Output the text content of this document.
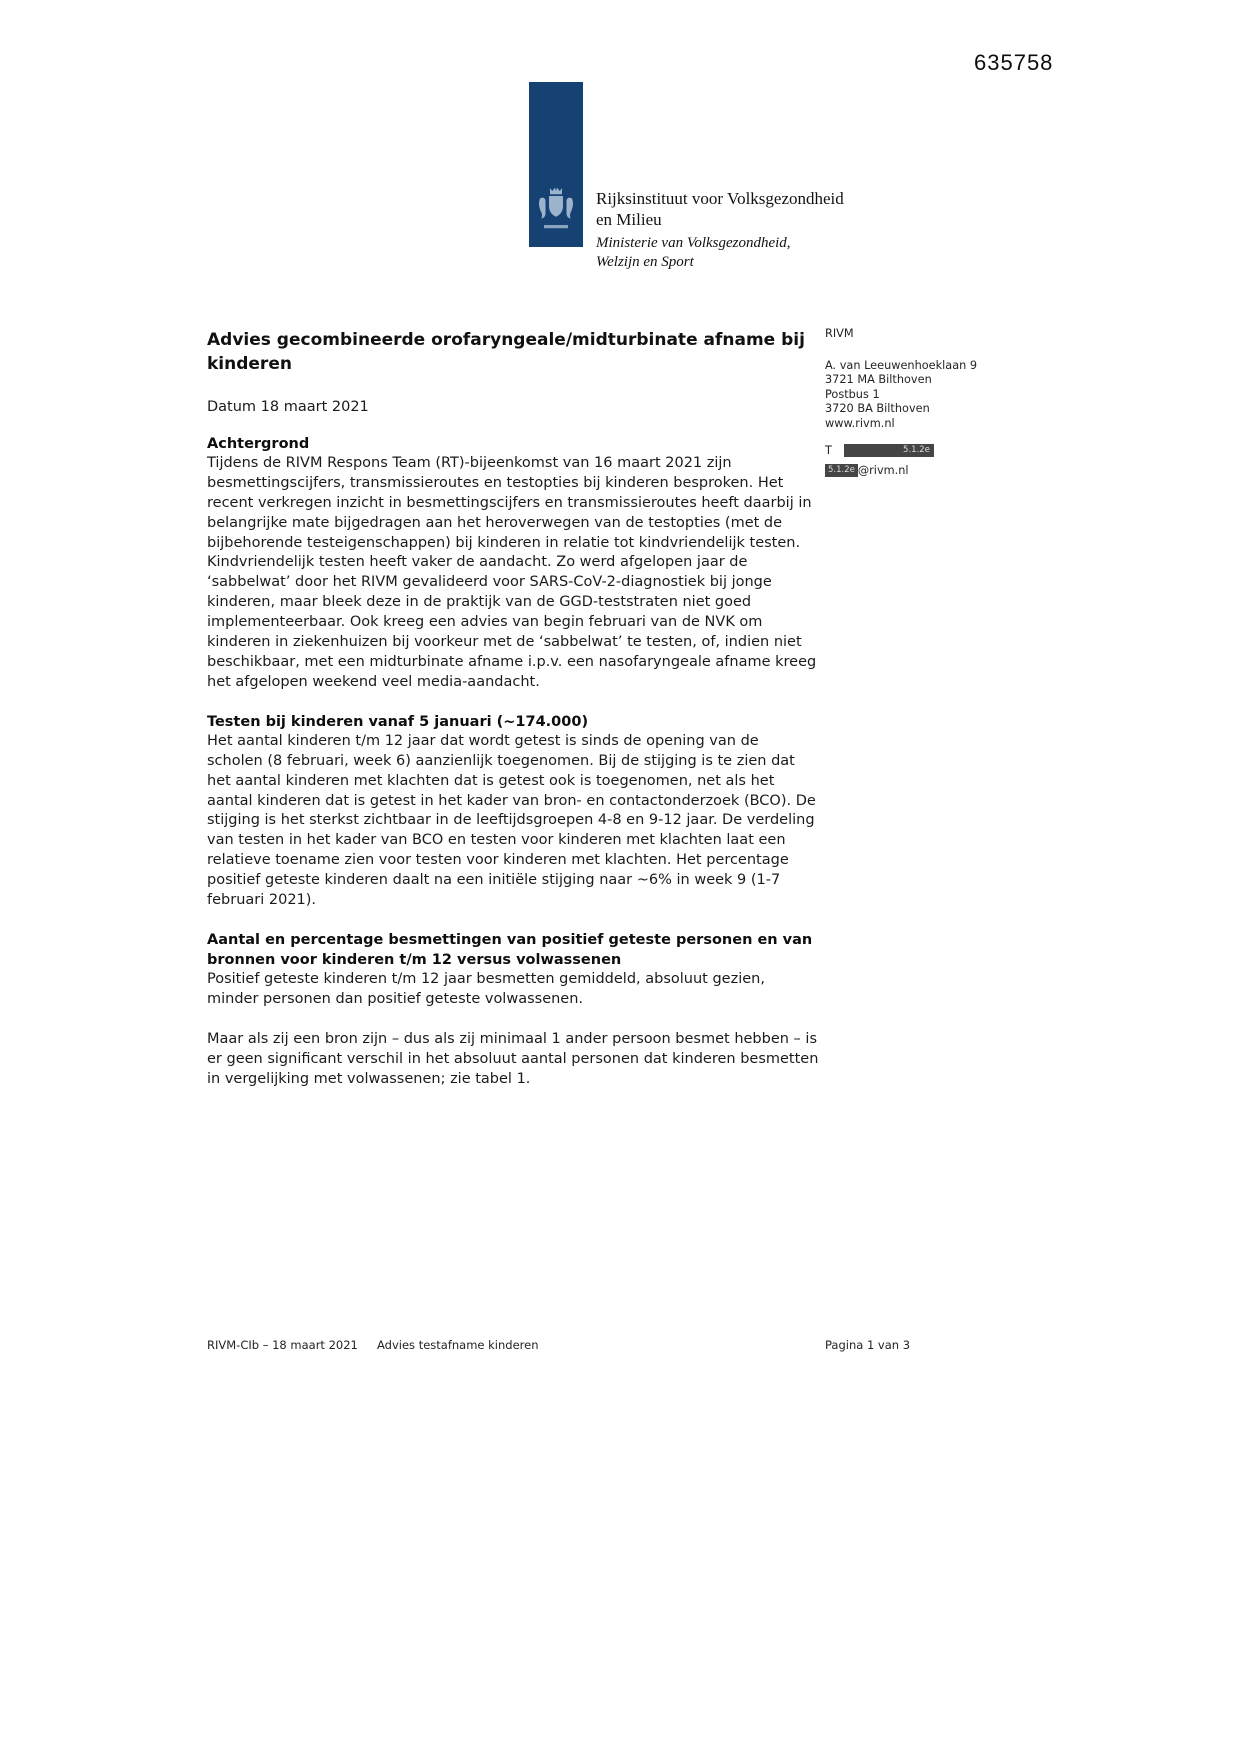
635758
Rijksinstituut voor Volksgezondheid
en Milieu
Ministerie van Volksgezondheid,
Welzijn en Sport
Advies gecombineerde orofaryngeale/midturbinate afname bij kinderen

Datum 18 maart 2021

Achtergrond

Tijdens de RIVM Respons Team (RT)-bijeenkomst van 16 maart 2021 zijn besmettingscijfers, transmissieroutes en testopties bij kinderen besproken. Het recent verkregen inzicht in besmettingscijfers en transmissieroutes heeft daarbij in belangrijke mate bijgedragen aan het heroverwegen van de testopties (met de bijbehorende testeigenschappen) bij kinderen in relatie tot kindvriendelijk testen. Kindvriendelijk testen heeft vaker de aandacht. Zo werd afgelopen jaar de ‘sabbelwat’ door het RIVM gevalideerd voor SARS-CoV-2-diagnostiek bij jonge kinderen, maar bleek deze in de praktijk van de GGD-teststraten niet goed implementeerbaar. Ook kreeg een advies van begin februari van de NVK om kinderen in ziekenhuizen bij voorkeur met de ‘sabbelwat’ te testen, of, indien niet beschikbaar, met een midturbinate afname i.p.v. een nasofaryngeale afname kreeg het afgelopen weekend veel media-aandacht.

Testen bij kinderen vanaf 5 januari (~174.000)

Het aantal kinderen t/m 12 jaar dat wordt getest is sinds de opening van de scholen (8 februari, week 6) aanzienlijk toegenomen. Bij de stijging is te zien dat het aantal kinderen met klachten dat is getest ook is toegenomen, net als het aantal kinderen dat is getest in het kader van bron- en contactonderzoek (BCO). De stijging is het sterkst zichtbaar in de leeftijdsgroepen 4-8 en 9-12 jaar. De verdeling van testen in het kader van BCO en testen voor kinderen met klachten laat een relatieve toename zien voor testen voor kinderen met klachten. Het percentage positief geteste kinderen daalt na een initiële stijging naar ~6% in week 9 (1-7 februari 2021).

Aantal en percentage besmettingen van positief geteste personen en van bronnen voor kinderen t/m 12 versus volwassenen

Positief geteste kinderen t/m 12 jaar besmetten gemiddeld, absoluut gezien, minder personen dan positief geteste volwassenen.

Maar als zij een bron zijn – dus als zij minimaal 1 ander persoon besmet hebben – is er geen significant verschil in het absoluut aantal personen dat kinderen besmetten in vergelijking met volwassenen; zie tabel 1.

RIVM
A. van Leeuwenhoeklaan 9
3721 MA Bilthoven
Postbus 1
3720 BA Bilthoven
www.rivm.nl
T	5.1.2e
5.1.2e @rivm.nl
RIVM-CIb – 18 maart 2021 Advies testafname kinderen	Pagina 1 van 3
